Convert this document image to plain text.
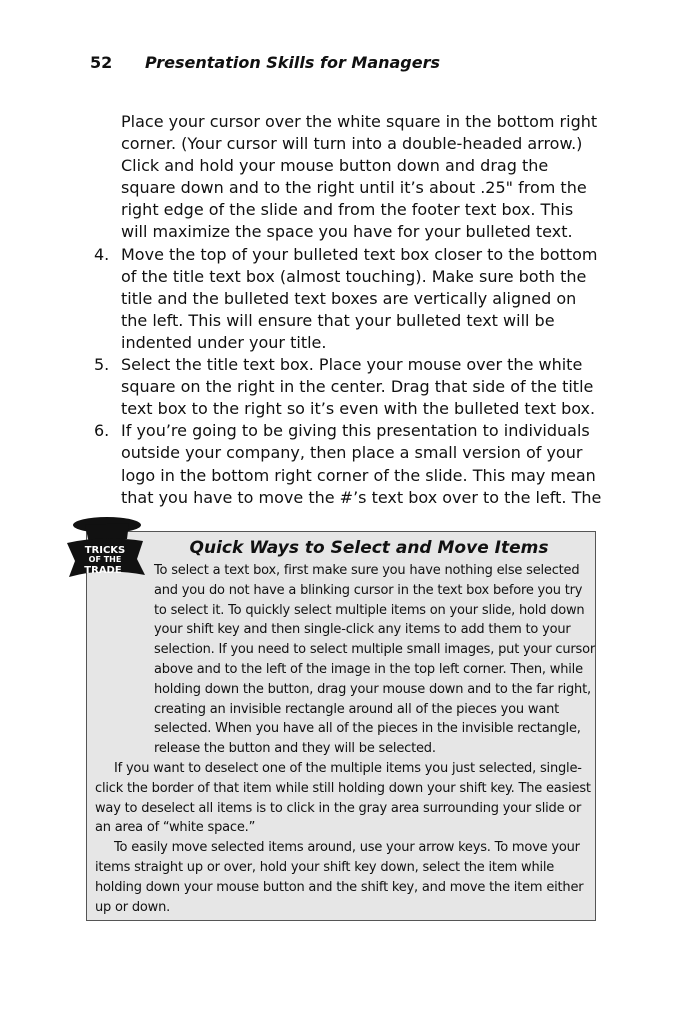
52 Presentation Skills for Managers
Place your cursor over the white square in the bottom right corner. (Your cursor will turn into a double-headed arrow.) Click and hold your mouse button down and drag the square down and to the right until it’s about .25" from the right edge of the slide and from the footer text box. This will maximize the space you have for your bulleted text.
4. Move the top of your bulleted text box closer to the bottom of the title text box (almost touching). Make sure both the title and the bulleted text boxes are vertically aligned on the left. This will ensure that your bulleted text will be indented under your title.
5. Select the title text box. Place your mouse over the white square on the right in the center. Drag that side of the title text box to the right so it’s even with the bulleted text box.
6. If you’re going to be giving this presentation to individuals outside your company, then place a small version of your logo in the bottom right corner of the slide. This may mean that you have to move the #’s text box over to the left. The
Quick Ways to Select and Move Items

To select a text box, first make sure you have nothing else selected and you do not have a blinking cursor in the text box before you try to select it. To quickly select multiple items on your slide, hold down your shift key and then single-click any items to add them to your selection. If you need to select multiple small images, put your cursor above and to the left of the image in the top left corner. Then, while holding down the button, drag your mouse down and to the far right, creating an invisible rectangle around all of the pieces you want selected. When you have all of the pieces in the invisible rectangle, release the button and they will be selected.

If you want to deselect one of the multiple items you just selected, single-click the border of that item while still holding down your shift key. The easiest way to deselect all items is to click in the gray area surrounding your slide or an area of “white space.”

To easily move selected items around, use your arrow keys. To move your items straight up or over, hold your shift key down, select the item while holding down your mouse button and the shift key, and move the item either up or down.

TRICKS
OF THE
TRADE
